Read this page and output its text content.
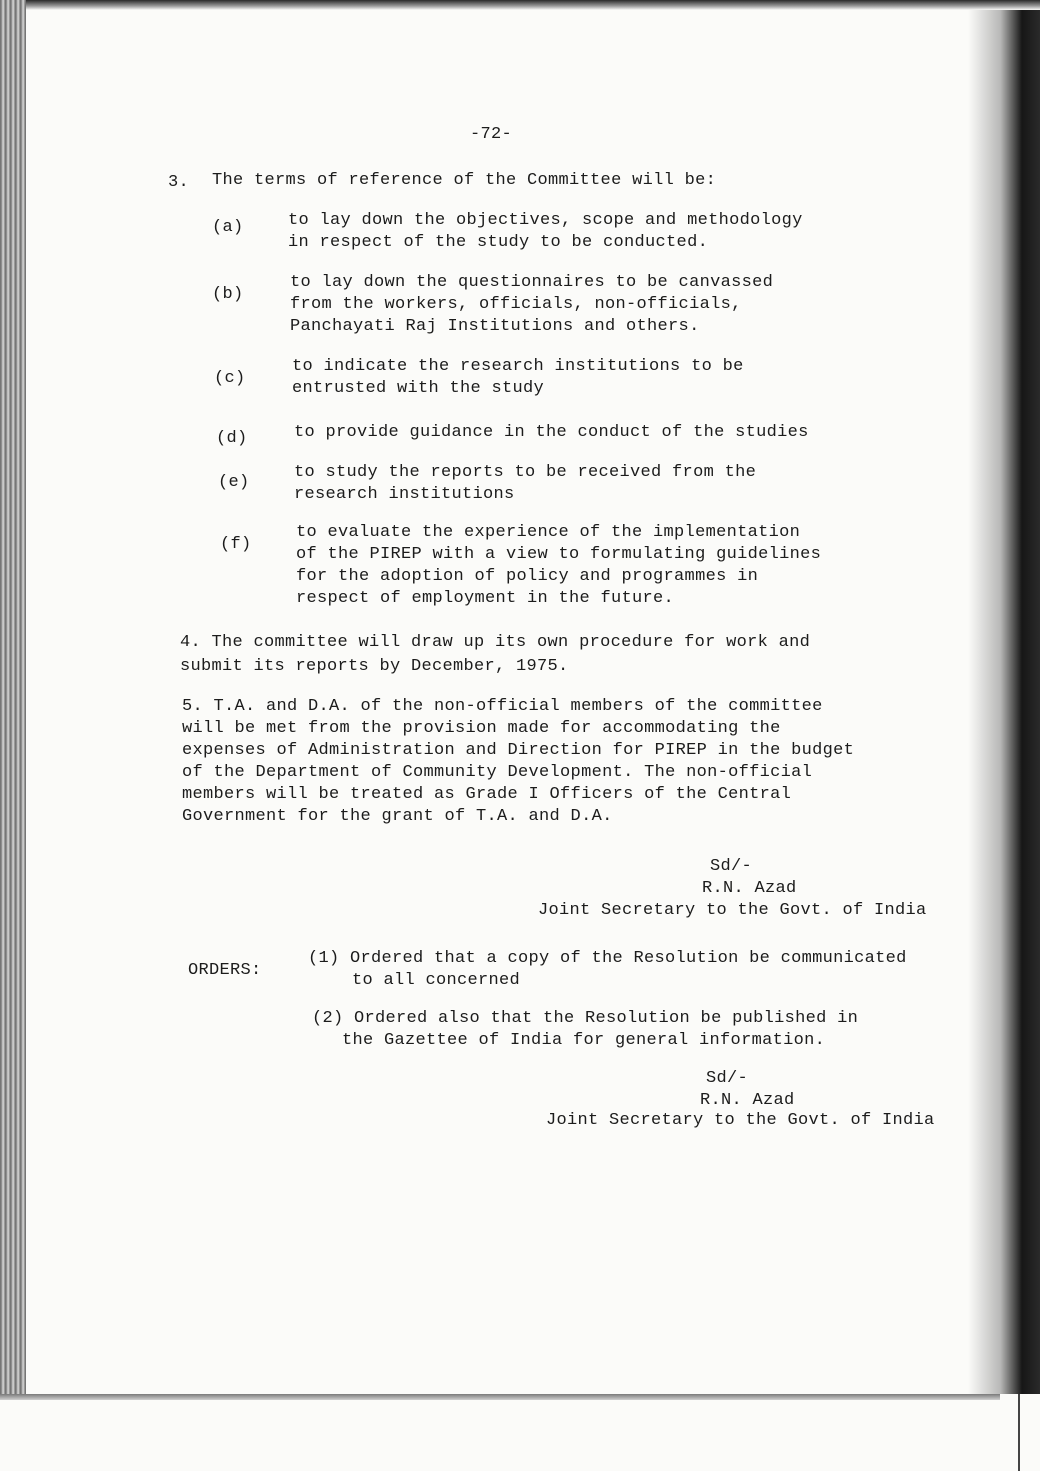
-72-
3. The terms of reference of the Committee will be:
(a)	to lay down the objectives, scope and methodology
in respect of the study to be conducted.
(b)
to lay down the questionnaires to be canvassed
from the workers, officials, non-officials,
Panchayati Raj Institutions and others.
(c)
to indicate the research institutions to be
entrusted with the study
(d)	to provide guidance in the conduct of the studies
(e)
to study the reports to be received from the
research institutions
(f)
to evaluate the experience of the implementation
of the PIREP with a view to formulating guidelines
for the adoption of policy and programmes in
respect of employment in the future.
4. The committee will draw up its own procedure for work and
submit its reports by December, 1975.
5. T.A. and D.A. of the non-official members of the committee
will be met from the provision made for accommodating the
expenses of Administration and Direction for PIREP in the budget
of the Department of Community Development. The non-official
members will be treated as Grade I Officers of the Central
Government for the grant of T.A. and D.A.
Sd/-
R.N. Azad
Joint Secretary to the Govt. of India
ORDERS:
(1) Ordered that a copy of the Resolution be communicated
to all concerned
(2) Ordered also that the Resolution be published in
the Gazettee of India for general information.
Sd/-
R.N. Azad
Joint Secretary to the Govt. of India
